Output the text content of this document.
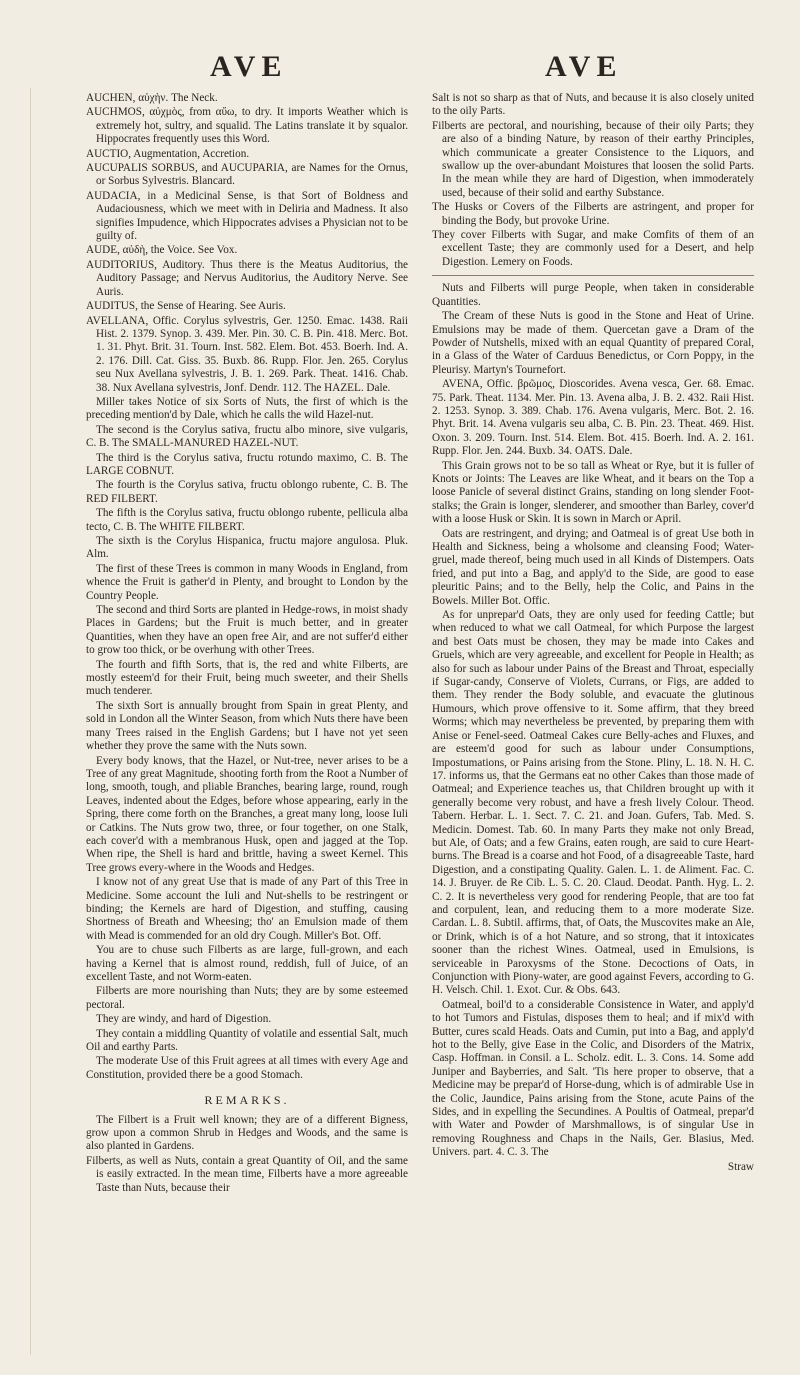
AVE	AVE

AUCHEN, αὐχὴν. The Neck.

AUCHMOS, αὐχμὸς, from αὔω, to dry. It imports Weather which is extremely hot, sultry, and squalid. The Latins translate it by squalor. Hippocrates frequently uses this Word.

AUCTIO, Augmentation, Accretion.

AUCUPALIS SORBUS, and AUCUPARIA, are Names for the Ornus, or Sorbus Sylvestris. Blancard.

AUDACIA, in a Medicinal Sense, is that Sort of Boldness and Audaciousness, which we meet with in Deliria and Madness. It also signifies Impudence, which Hippocrates advises a Physician not to be guilty of.

AUDE, αὐδὴ, the Voice. See Vox.

AUDITORIUS, Auditory. Thus there is the Meatus Auditorius, the Auditory Passage; and Nervus Auditorius, the Auditory Nerve. See Auris.

AUDITUS, the Sense of Hearing. See Auris.

AVELLANA, Offic. Corylus sylvestris, Ger. 1250. Emac. 1438. Raii Hist. 2. 1379. Synop. 3. 439. Mer. Pin. 30. C. B. Pin. 418. Merc. Bot. 1. 31. Phyt. Brit. 31. Tourn. Inst. 582. Elem. Bot. 453. Boerh. Ind. A. 2. 176. Dill. Cat. Giss. 35. Buxb. 86. Rupp. Flor. Jen. 265. Corylus seu Nux Avellana sylvestris, J. B. 1. 269. Park. Theat. 1416. Chab. 38. Nux Avellana sylvestris, Jonf. Dendr. 112. The HAZEL. Dale.

Miller takes Notice of six Sorts of Nuts, the first of which is the preceding mention'd by Dale, which he calls the wild Hazel-nut.

The second is the Corylus sativa, fructu albo minore, sive vulgaris, C. B. The SMALL-MANURED HAZEL-NUT.

The third is the Corylus sativa, fructu rotundo maximo, C. B. The LARGE COBNUT.

The fourth is the Corylus sativa, fructu oblongo rubente, C. B. The RED FILBERT.

The fifth is the Corylus sativa, fructu oblongo rubente, pellicula alba tecto, C. B. The WHITE FILBERT.

The sixth is the Corylus Hispanica, fructu majore angulosa. Pluk. Alm.

The first of these Trees is common in many Woods in England, from whence the Fruit is gather'd in Plenty, and brought to London by the Country People.

The second and third Sorts are planted in Hedge-rows, in moist shady Places in Gardens; but the Fruit is much better, and in greater Quantities, when they have an open free Air, and are not suffer'd either to grow too thick, or be overhung with other Trees.

The fourth and fifth Sorts, that is, the red and white Filberts, are mostly esteem'd for their Fruit, being much sweeter, and their Shells much tenderer.

The sixth Sort is annually brought from Spain in great Plenty, and sold in London all the Winter Season, from which Nuts there have been many Trees raised in the English Gardens; but I have not yet seen whether they prove the same with the Nuts sown.

Every body knows, that the Hazel, or Nut-tree, never arises to be a Tree of any great Magnitude, shooting forth from the Root a Number of long, smooth, tough, and pliable Branches, bearing large, round, rough Leaves, indented about the Edges, before whose appearing, early in the Spring, there come forth on the Branches, a great many long, loose Iuli or Catkins. The Nuts grow two, three, or four together, on one Stalk, each cover'd with a membranous Husk, open and jagged at the Top. When ripe, the Shell is hard and brittle, having a sweet Kernel. This Tree grows every-where in the Woods and Hedges.

I know not of any great Use that is made of any Part of this Tree in Medicine. Some account the Iuli and Nut-shells to be restringent or binding; the Kernels are hard of Digestion, and stuffing, causing Shortness of Breath and Wheesing; tho' an Emulsion made of them with Mead is commended for an old dry Cough. Miller's Bot. Off.

You are to chuse such Filberts as are large, full-grown, and each having a Kernel that is almost round, reddish, full of Juice, of an excellent Taste, and not Worm-eaten.

Filberts are more nourishing than Nuts; they are by some esteemed pectoral.

They are windy, and hard of Digestion.

They contain a middling Quantity of volatile and essential Salt, much Oil and earthy Parts.

The moderate Use of this Fruit agrees at all times with every Age and Constitution, provided there be a good Stomach.

REMARKS.

The Filbert is a Fruit well known; they are of a different Bigness, grow upon a common Shrub in Hedges and Woods, and the same is also planted in Gardens.

Filberts, as well as Nuts, contain a great Quantity of Oil, and the same is easily extracted. In the mean time, Filberts have a more agreeable Taste than Nuts, because their

Salt is not so sharp as that of Nuts, and because it is also closely united to the oily Parts.

Filberts are pectoral, and nourishing, because of their oily Parts; they are also of a binding Nature, by reason of their earthy Principles, which communicate a greater Consistence to the Liquors, and swallow up the over-abundant Moistures that loosen the solid Parts. In the mean while they are hard of Digestion, when immoderately used, because of their solid and earthy Substance.

The Husks or Covers of the Filberts are astringent, and proper for binding the Body, but provoke Urine.

They cover Filberts with Sugar, and make Comfits of them of an excellent Taste; they are commonly used for a Desert, and help Digestion. Lemery on Foods.

Nuts and Filberts will purge People, when taken in considerable Quantities.

The Cream of these Nuts is good in the Stone and Heat of Urine. Emulsions may be made of them. Quercetan gave a Dram of the Powder of Nutshells, mixed with an equal Quantity of prepared Coral, in a Glass of the Water of Carduus Benedictus, or Corn Poppy, in the Pleurisy. Martyn's Tournefort.

AVENA, Offic. βρῶμος, Dioscorides. Avena vesca, Ger. 68. Emac. 75. Park. Theat. 1134. Mer. Pin. 13. Avena alba, J. B. 2. 432. Raii Hist. 2. 1253. Synop. 3. 389. Chab. 176. Avena vulgaris, Merc. Bot. 2. 16. Phyt. Brit. 14. Avena vulgaris seu alba, C. B. Pin. 23. Theat. 469. Hist. Oxon. 3. 209. Tourn. Inst. 514. Elem. Bot. 415. Boerh. Ind. A. 2. 161. Rupp. Flor. Jen. 244. Buxb. 34. OATS. Dale.

This Grain grows not to be so tall as Wheat or Rye, but it is fuller of Knots or Joints: The Leaves are like Wheat, and it bears on the Top a loose Panicle of several distinct Grains, standing on long slender Foot-stalks; the Grain is longer, slenderer, and smoother than Barley, cover'd with a loose Husk or Skin. It is sown in March or April.

Oats are restringent, and drying; and Oatmeal is of great Use both in Health and Sickness, being a wholsome and cleansing Food; Water-gruel, made thereof, being much used in all Kinds of Distempers. Oats fried, and put into a Bag, and apply'd to the Side, are good to ease pleuritic Pains; and to the Belly, help the Colic, and Pains in the Bowels. Miller Bot. Offic.

As for unprepar'd Oats, they are only used for feeding Cattle; but when reduced to what we call Oatmeal, for which Purpose the largest and best Oats must be chosen, they may be made into Cakes and Gruels, which are very agreeable, and excellent for People in Health; as also for such as labour under Pains of the Breast and Throat, especially if Sugar-candy, Conserve of Violets, Currans, or Figs, are added to them. They render the Body soluble, and evacuate the glutinous Humours, which prove offensive to it. Some affirm, that they breed Worms; which may nevertheless be prevented, by preparing them with Anise or Fenel-seed. Oatmeal Cakes cure Belly-aches and Fluxes, and are esteem'd good for such as labour under Consumptions, Impostumations, or Pains arising from the Stone. Pliny, L. 18. N. H. C. 17. informs us, that the Germans eat no other Cakes than those made of Oatmeal; and Experience teaches us, that Children brought up with it generally become very robust, and have a fresh lively Colour. Theod. Tabern. Herbar. L. 1. Sect. 7. C. 21. and Joan. Gufers, Tab. Med. S. Medicin. Domest. Tab. 60. In many Parts they make not only Bread, but Ale, of Oats; and a few Grains, eaten rough, are said to cure Heart-burns. The Bread is a coarse and hot Food, of a disagreeable Taste, hard Digestion, and a constipating Quality. Galen. L. 1. de Aliment. Fac. C. 14. J. Bruyer. de Re Cib. L. 5. C. 20. Claud. Deodat. Panth. Hyg. L. 2. C. 2. It is nevertheless very good for rendering People, that are too fat and corpulent, lean, and reducing them to a more moderate Size. Cardan. L. 8. Subtil. affirms, that, of Oats, the Muscovites make an Ale, or Drink, which is of a hot Nature, and so strong, that it intoxicates sooner than the richest Wines. Oatmeal, used in Emulsions, is serviceable in Paroxysms of the Stone. Decoctions of Oats, in Conjunction with Piony-water, are good against Fevers, according to G. H. Velsch. Chil. 1. Exot. Cur. & Obs. 643.

Oatmeal, boil'd to a considerable Consistence in Water, and apply'd to hot Tumors and Fistulas, disposes them to heal; and if mix'd with Butter, cures scald Heads. Oats and Cumin, put into a Bag, and apply'd hot to the Belly, give Ease in the Colic, and Disorders of the Matrix, Casp. Hoffman. in Consil. a L. Scholz. edit. L. 3. Cons. 14. Some add Juniper and Bayberries, and Salt. 'Tis here proper to observe, that a Medicine may be prepar'd of Horse-dung, which is of admirable Use in the Colic, Jaundice, Pains arising from the Stone, acute Pains of the Sides, and in expelling the Secundines. A Poultis of Oatmeal, prepar'd with Water and Powder of Marshmallows, is of singular Use in removing Roughness and Chaps in the Nails, Ger. Blasius, Med. Univers. part. 4. C. 3. The

Straw
